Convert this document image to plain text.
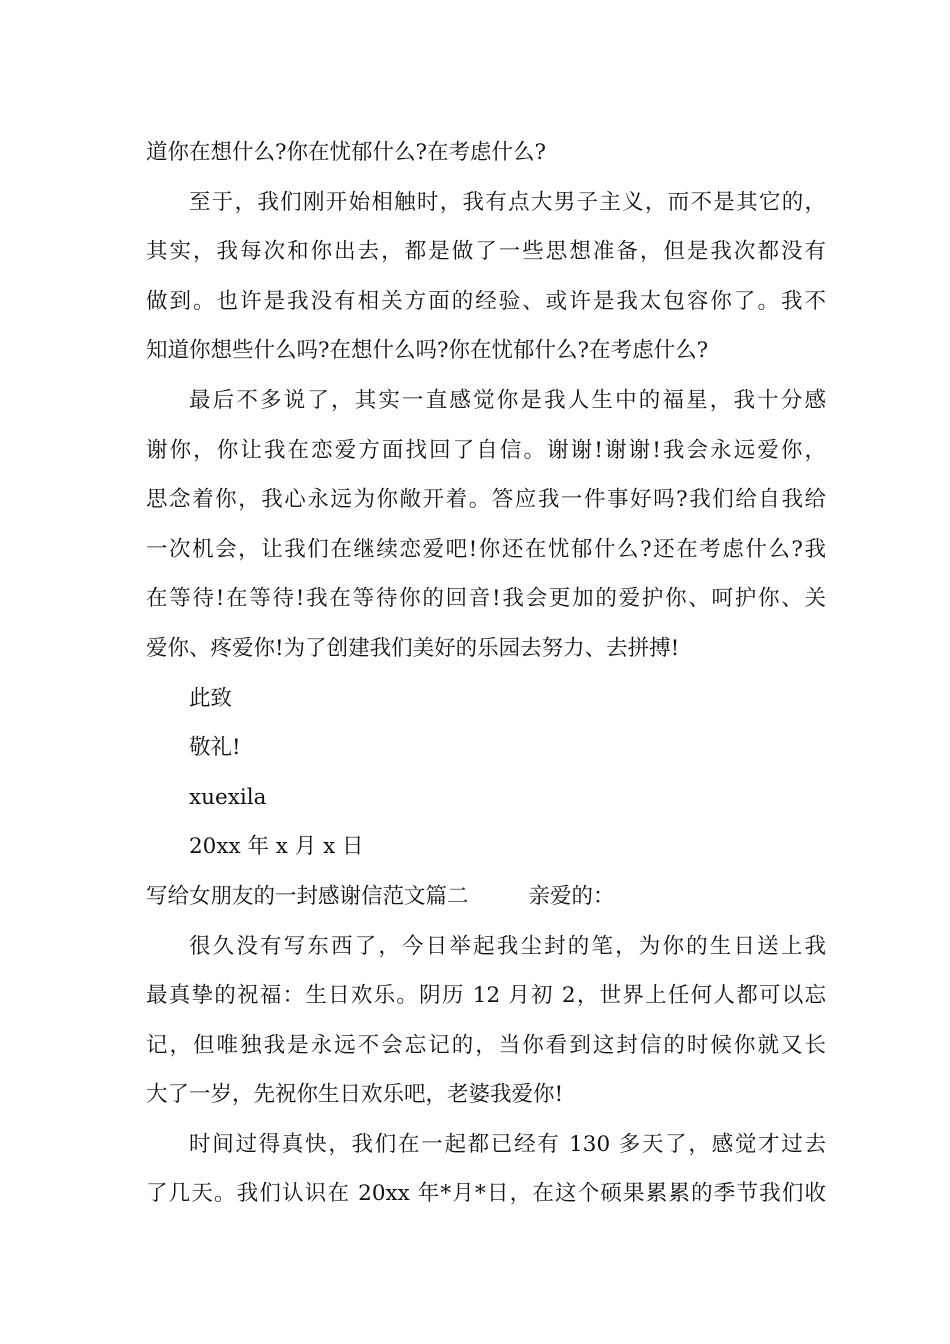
道你在想什么?你在忧郁什么?在考虑什么?
至于，我们刚开始相触时，我有点大男子主义，而不是其它的，
其实，我每次和你出去，都是做了一些思想准备，但是我次都没有
做到。也许是我没有相关方面的经验、或许是我太包容你了。我不
知道你想些什么吗?在想什么吗?你在忧郁什么?在考虑什么?
最后不多说了，其实一直感觉你是我人生中的福星，我十分感
谢你，你让我在恋爱方面找回了自信。谢谢!谢谢!我会永远爱你，
思念着你，我心永远为你敞开着。答应我一件事好吗?我们给自我给
一次机会，让我们在继续恋爱吧!你还在忧郁什么?还在考虑什么?我
在等待!在等待!我在等待你的回音!我会更加的爱护你、呵护你、关
爱你、疼爱你!为了创建我们美好的乐园去努力、去拼搏!
此致
敬礼!
xuexila
20xx 年 x 月 x 日
写给女朋友的一封感谢信范文篇二	亲爱的：
很久没有写东西了，今日举起我尘封的笔，为你的生日送上我
最真挚的祝福：生日欢乐。阴历 12 月初 2，世界上任何人都可以忘
记，但唯独我是永远不会忘记的，当你看到这封信的时候你就又长
大了一岁，先祝你生日欢乐吧，老婆我爱你!
时间过得真快，我们在一起都已经有 130 多天了，感觉才过去
了几天。我们认识在 20xx 年*月*日，在这个硕果累累的季节我们收
